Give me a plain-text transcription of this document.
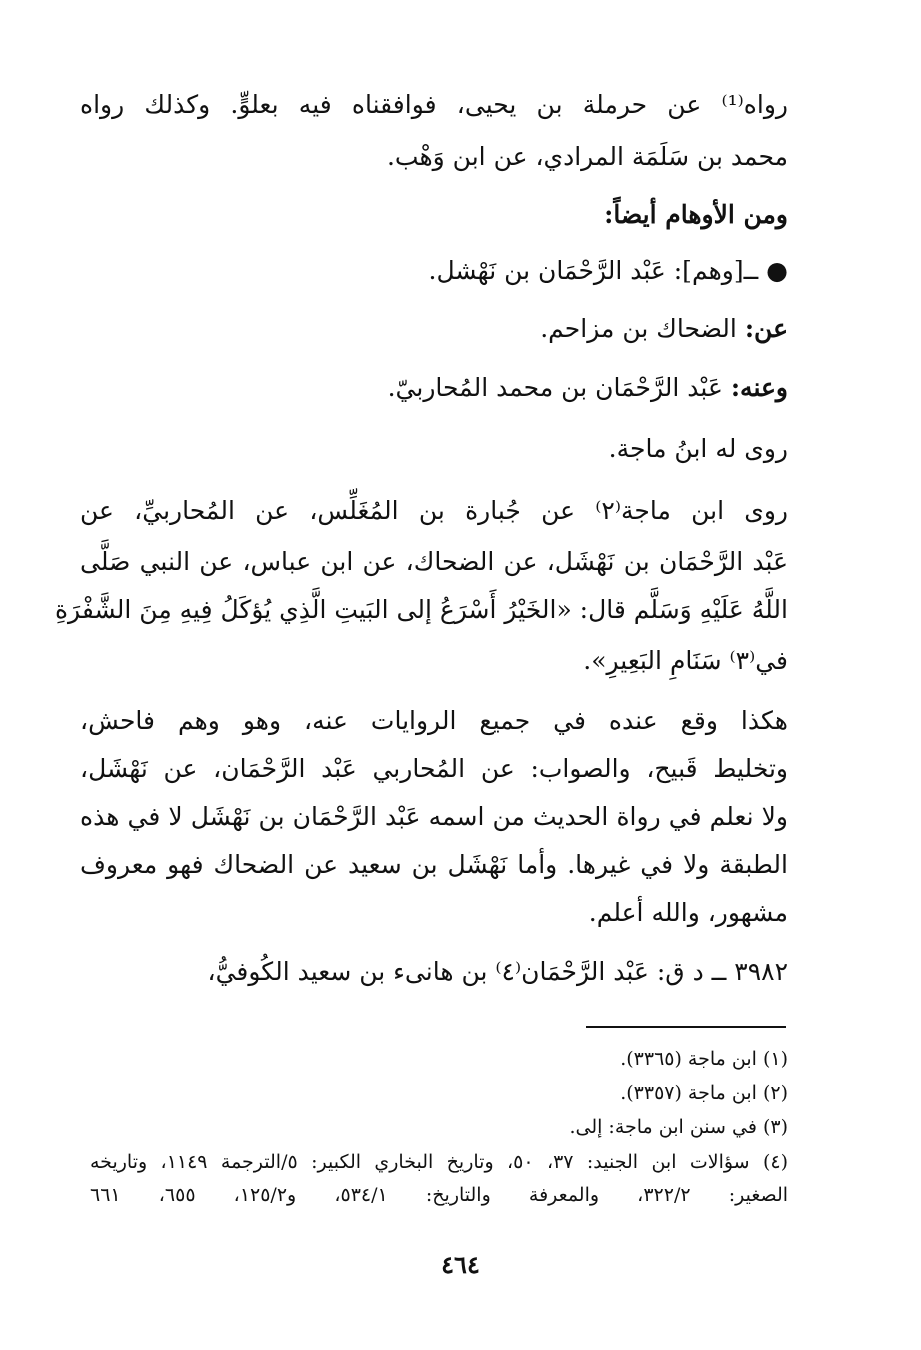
رواه⁽¹⁾ عن حرملة بن يحيى، فوافقناه فيه بعلوٍّ. وكذلك رواه
محمد بن سَلَمَة المرادي، عن ابن وَهْب.
ومن الأوهام أيضاً:
● ــ[وهم]: عَبْد الرَّحْمَان بن نَهْشل.
عن: الضحاك بن مزاحم.
وعنه: عَبْد الرَّحْمَان بن محمد المُحاربيّ.
روى له ابنُ ماجة.
روى ابن ماجة⁽٢⁾ عن جُبارة بن المُغَلِّس، عن المُحاربيِّ، عن
عَبْد الرَّحْمَان بن نَهْشَل، عن الضحاك، عن ابن عباس، عن النبي صَلَّى
اللَّهُ عَلَيْهِ وَسَلَّم قال: «الخَيْرُ أَسْرَعُ إلى البَيتِ الَّذِي يُؤكَلُ فِيهِ مِنَ الشَّفْرَةِ
في⁽٣⁾ سَنَامِ البَعِيرِ».
هكذا وقع عنده في جميع الروايات عنه، وهو وهم فاحش،
وتخليط قَبيح، والصواب: عن المُحاربي عَبْد الرَّحْمَان، عن نَهْشَل،
ولا نعلم في رواة الحديث من اسمه عَبْد الرَّحْمَان بن نَهْشَل لا في هذه
الطبقة ولا في غيرها. وأما نَهْشَل بن سعيد عن الضحاك فهو معروف
مشهور، والله أعلم.
٣٩٨٢ ــ د ق: عَبْد الرَّحْمَان⁽٤⁾ بن هانىء بن سعيد الكُوفيُّ،
(١) ابن ماجة (٣٣٦٥).
(٢) ابن ماجة (٣٣٥٧).
(٣) في سنن ابن ماجة: إلى.
(٤) سؤالات ابن الجنيد: ٣٧، ٥٠، وتاريخ البخاري الكبير: ٥/الترجمة ١١٤٩، وتاريخه
الصغير: ٣٢٢/٢، والمعرفة والتاريخ: ٥٣٤/١، و١٢٥/٢، ٦٥٥، ٦٦١
٤٦٤
